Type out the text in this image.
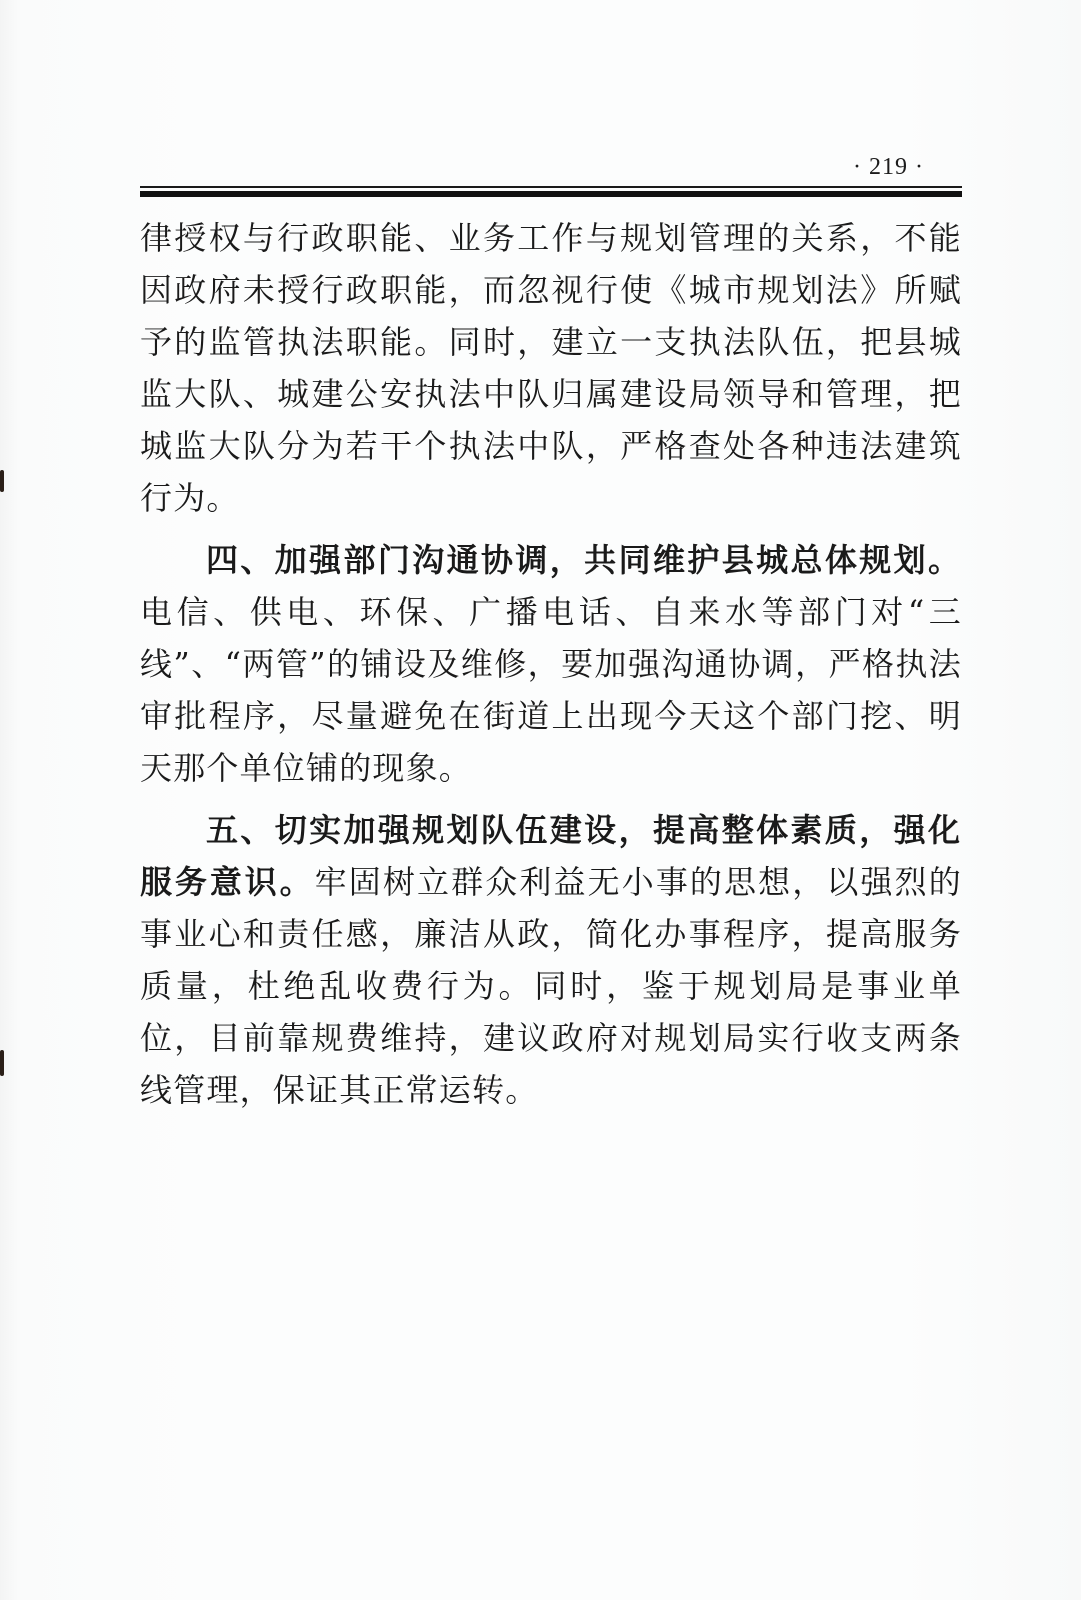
· 219 ·

律授权与行政职能、业务工作与规划管理的关系，不能因政府未授行政职能，而忽视行使《城市规划法》所赋予的监管执法职能。同时，建立一支执法队伍，把县城监大队、城建公安执法中队归属建设局领导和管理，把城监大队分为若干个执法中队，严格查处各种违法建筑行为。

四、加强部门沟通协调，共同维护县城总体规划。电信、供电、环保、广播电话、自来水等部门对“三线”、“两管”的铺设及维修，要加强沟通协调，严格执法审批程序，尽量避免在街道上出现今天这个部门挖、明天那个单位铺的现象。

五、切实加强规划队伍建设，提高整体素质，强化服务意识。牢固树立群众利益无小事的思想，以强烈的事业心和责任感，廉洁从政，简化办事程序，提高服务质量，杜绝乱收费行为。同时，鉴于规划局是事业单位，目前靠规费维持，建议政府对规划局实行收支两条线管理，保证其正常运转。
